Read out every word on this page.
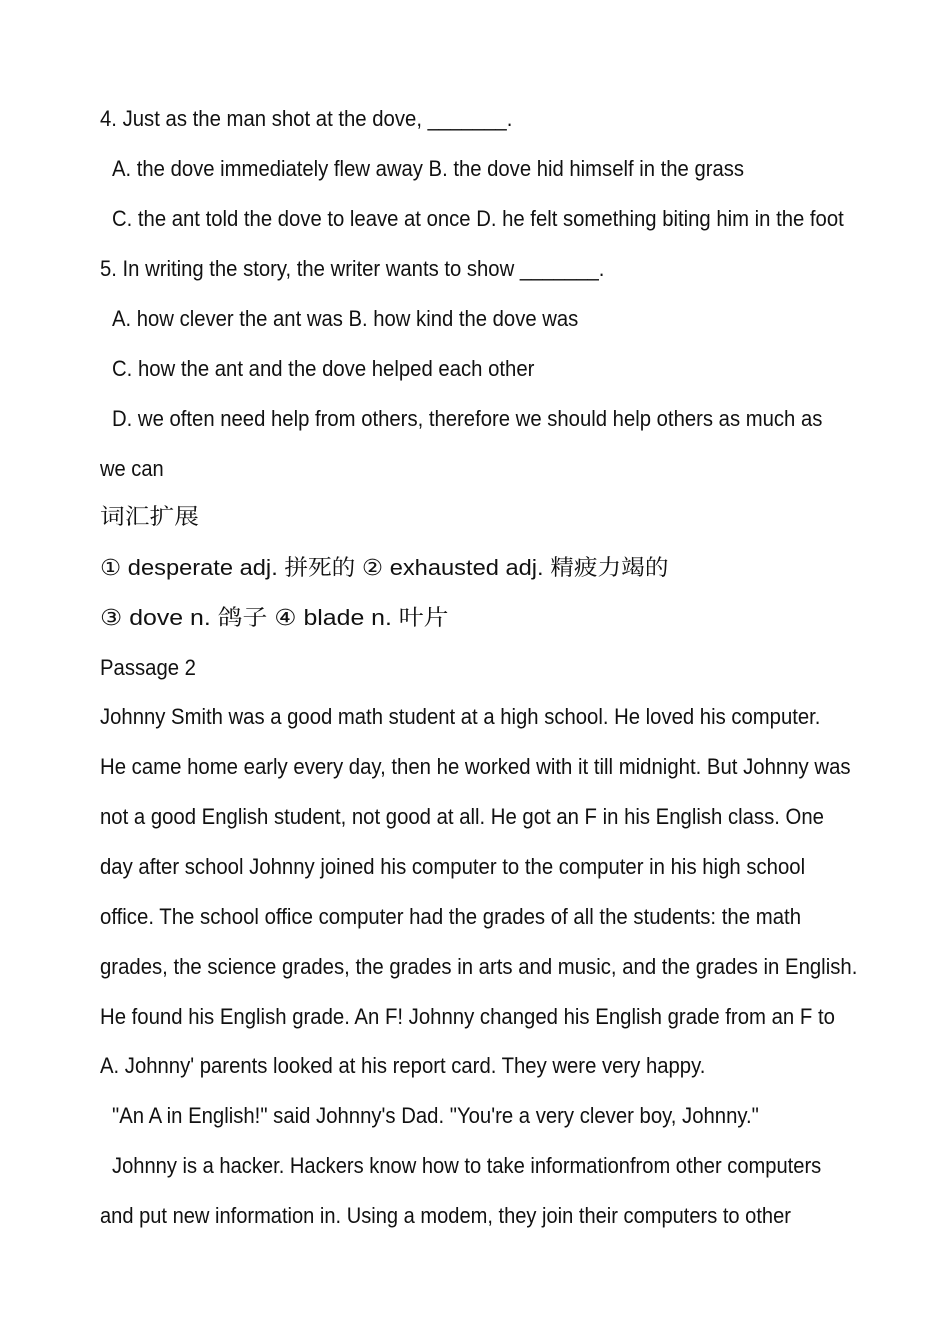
4. Just as the man shot at the dove, _______.
A. the dove immediately flew away B. the dove hid himself in the grass
C. the ant told the dove to leave at once D. he felt something biting him in the foot
5. In writing the story, the writer wants to show _______.
A. how clever the ant was B. how kind the dove was
C. how the ant and the dove helped each other
D. we often need help from others, therefore we should help others as much as
we can
词汇扩展
① desperate adj. 拼死的 ② exhausted adj. 精疲力竭的
③ dove n. 鸽子 ④ blade n. 叶片
Passage 2
Johnny Smith was a good math student at a high school. He loved his computer.
He came home early every day, then he worked with it till midnight. But Johnny was
not a good English student, not good at all. He got an F in his English class. One
day after school Johnny joined his computer to the computer in his high school
office. The school office computer had the grades of all the students: the math
grades, the science grades, the grades in arts and music, and the grades in English.
He found his English grade. An F! Johnny changed his English grade from an F to
A. Johnny' parents looked at his report card. They were very happy.
"An A in English!" said Johnny's Dad. "You're a very clever boy, Johnny."
Johnny is a hacker. Hackers know how to take informationfrom other computers
and put new information in. Using a modem, they join their computers to other
